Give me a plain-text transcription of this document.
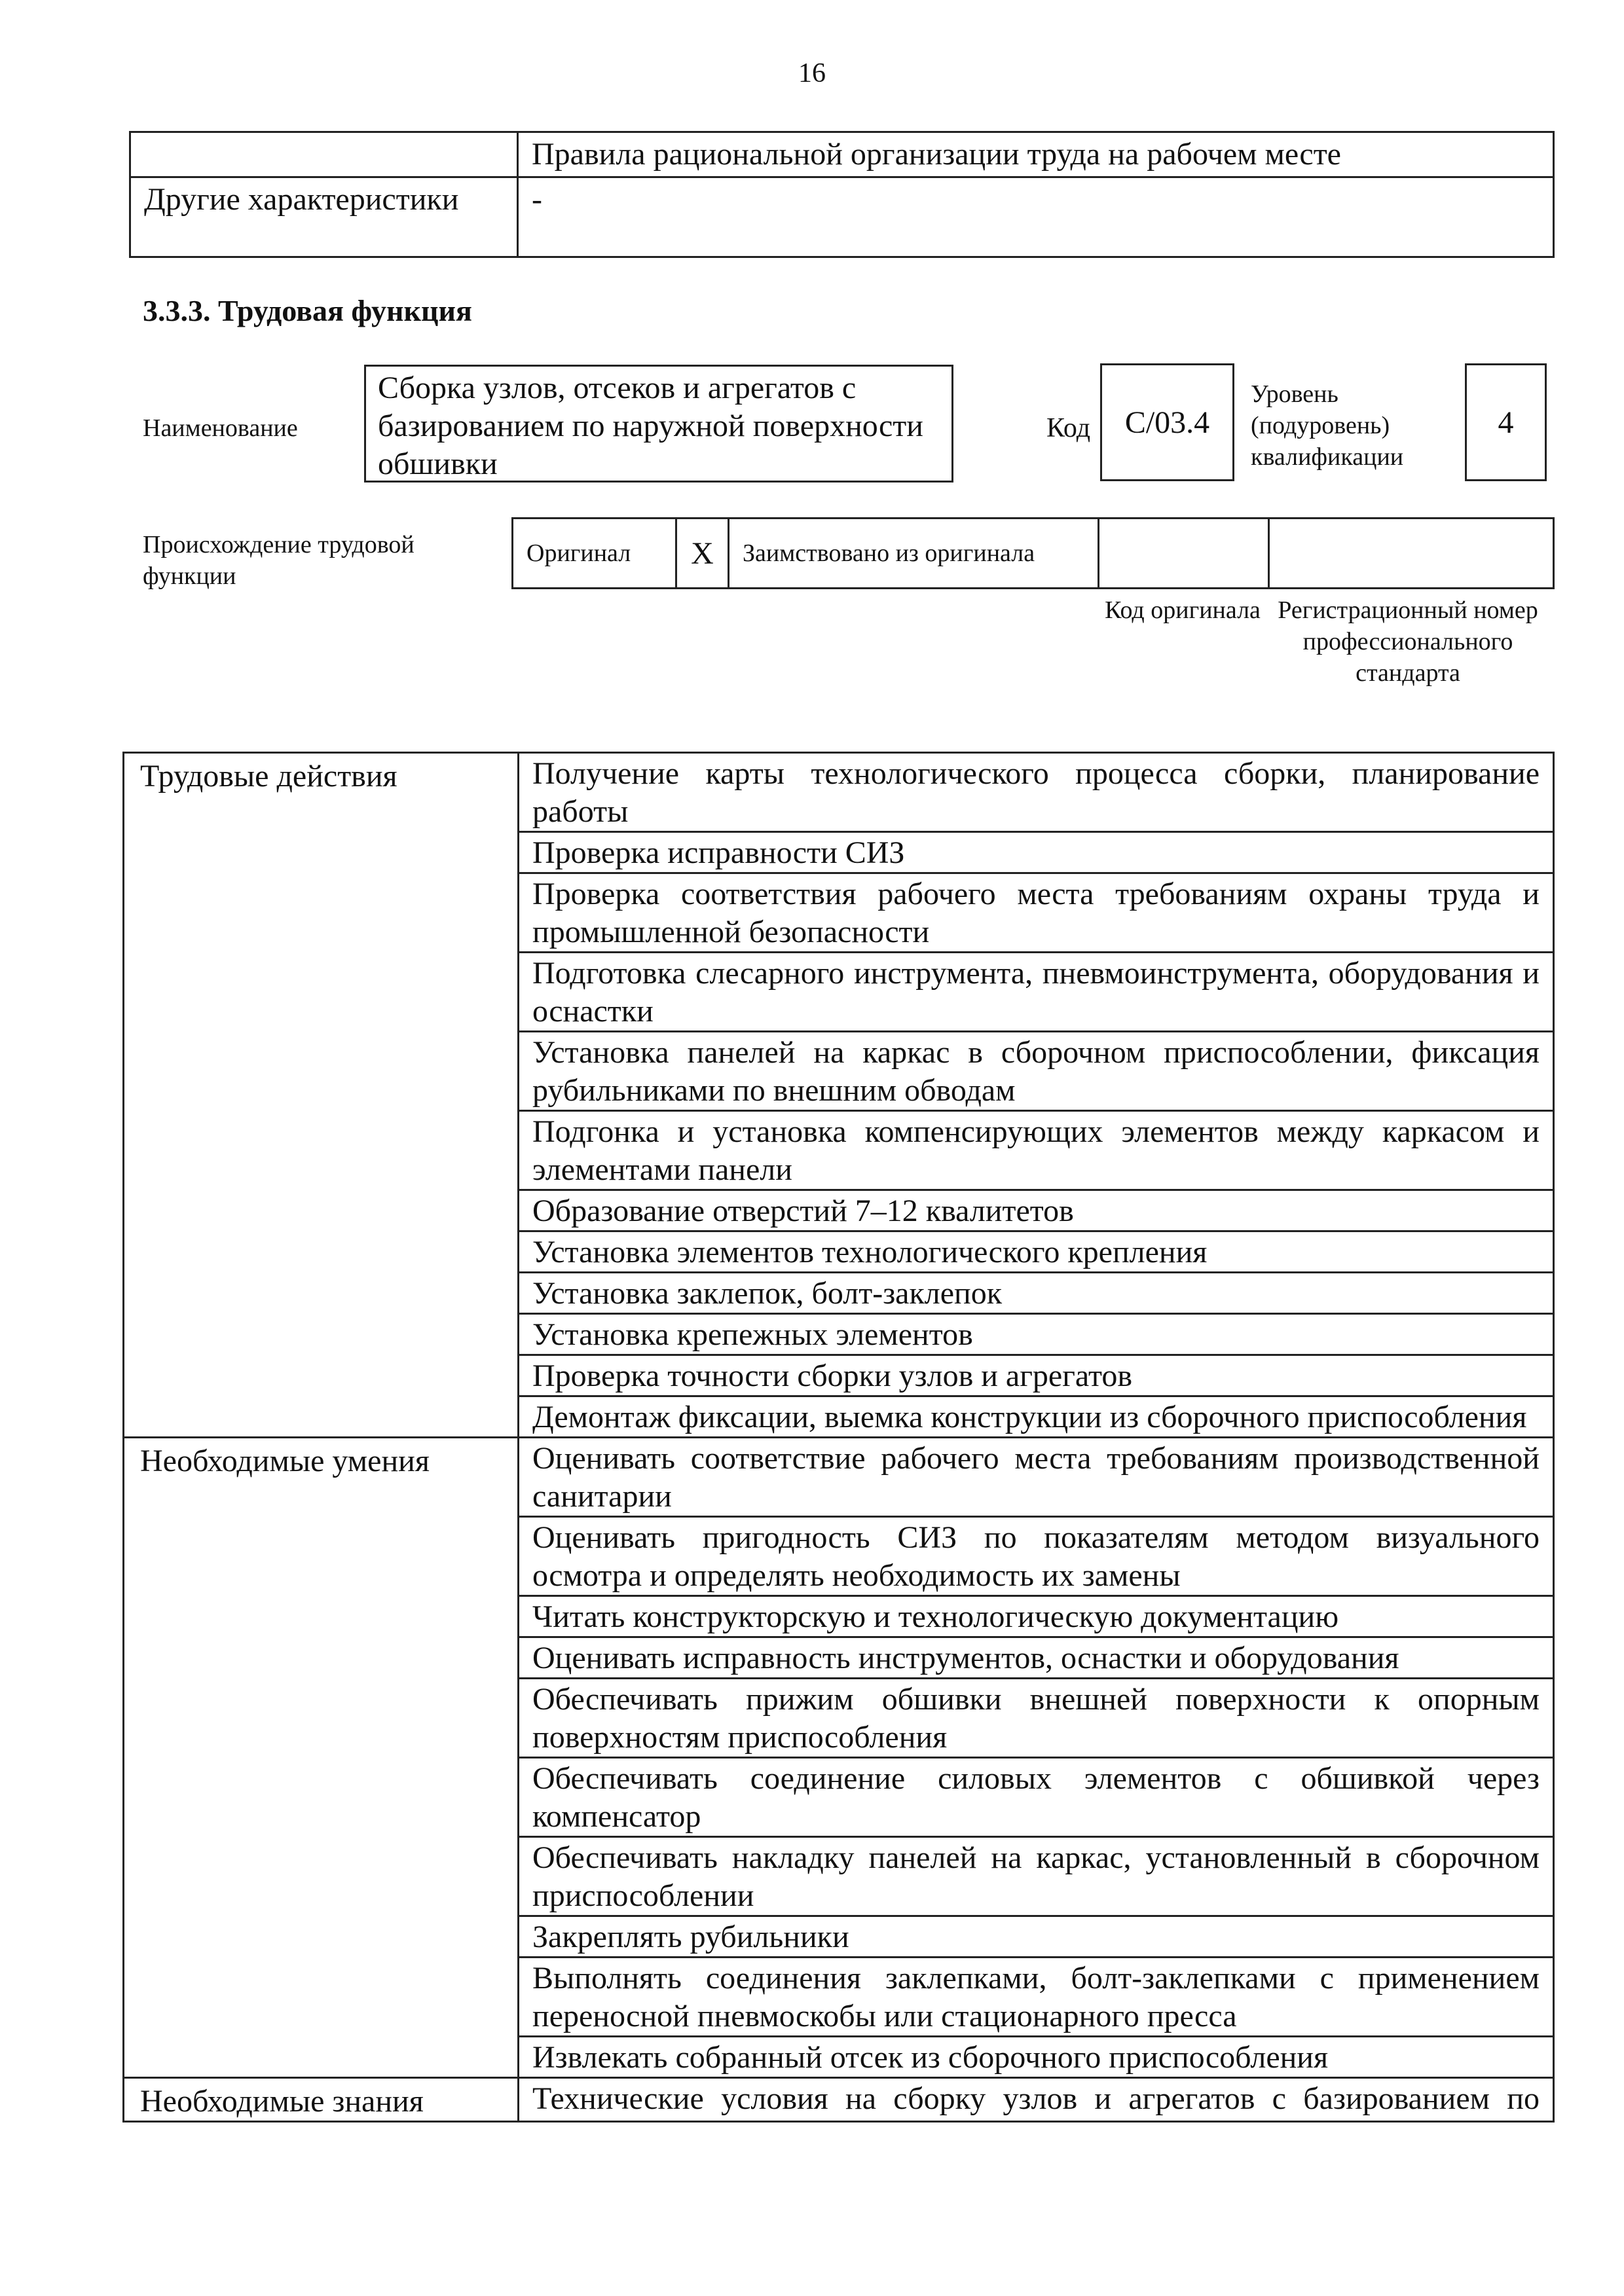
16
	Правила рациональной организации труда на рабочем месте
Другие характеристики	-
3.3.3. Трудовая функция
Наименование
Сборка узлов, отсеков и агрегатов с базированием по наружной поверхности обшивки
Код С/03.4
Уровень (подуровень) квалификации
4
Происхождение трудовой функции
Оригинал	Х	Заимствовано из оригинала		
Код оригинала Регистрационный номер профессионального стандарта
Трудовые действия	Получение карты технологического процесса сборки, планирование работы
	Проверка исправности СИЗ
	Проверка соответствия рабочего места требованиям охраны труда и промышленной безопасности
	Подготовка слесарного инструмента, пневмоинструмента, оборудования и оснастки
	Установка панелей на каркас в сборочном приспособлении, фиксация рубильниками по внешним обводам
	Подгонка и установка компенсирующих элементов между каркасом и элементами панели
	Образование отверстий 7–12 квалитетов
	Установка элементов технологического крепления
	Установка заклепок, болт-заклепок
	Установка крепежных элементов
	Проверка точности сборки узлов и агрегатов
	Демонтаж фиксации, выемка конструкции из сборочного приспособления
Необходимые умения	Оценивать соответствие рабочего места требованиям производственной санитарии
	Оценивать пригодность СИЗ по показателям методом визуального осмотра и определять необходимость их замены
	Читать конструкторскую и технологическую документацию
	Оценивать исправность инструментов, оснастки и оборудования
	Обеспечивать прижим обшивки внешней поверхности к опорным поверхностям приспособления
	Обеспечивать соединение силовых элементов с обшивкой через компенсатор
	Обеспечивать накладку панелей на каркас, установленный в сборочном приспособлении
	Закреплять рубильники
	Выполнять соединения заклепками, болт-заклепками с применением переносной пневмоскобы или стационарного пресса
	Извлекать собранный отсек из сборочного приспособления
Необходимые знания	Технические условия на сборку узлов и агрегатов с базированием по
